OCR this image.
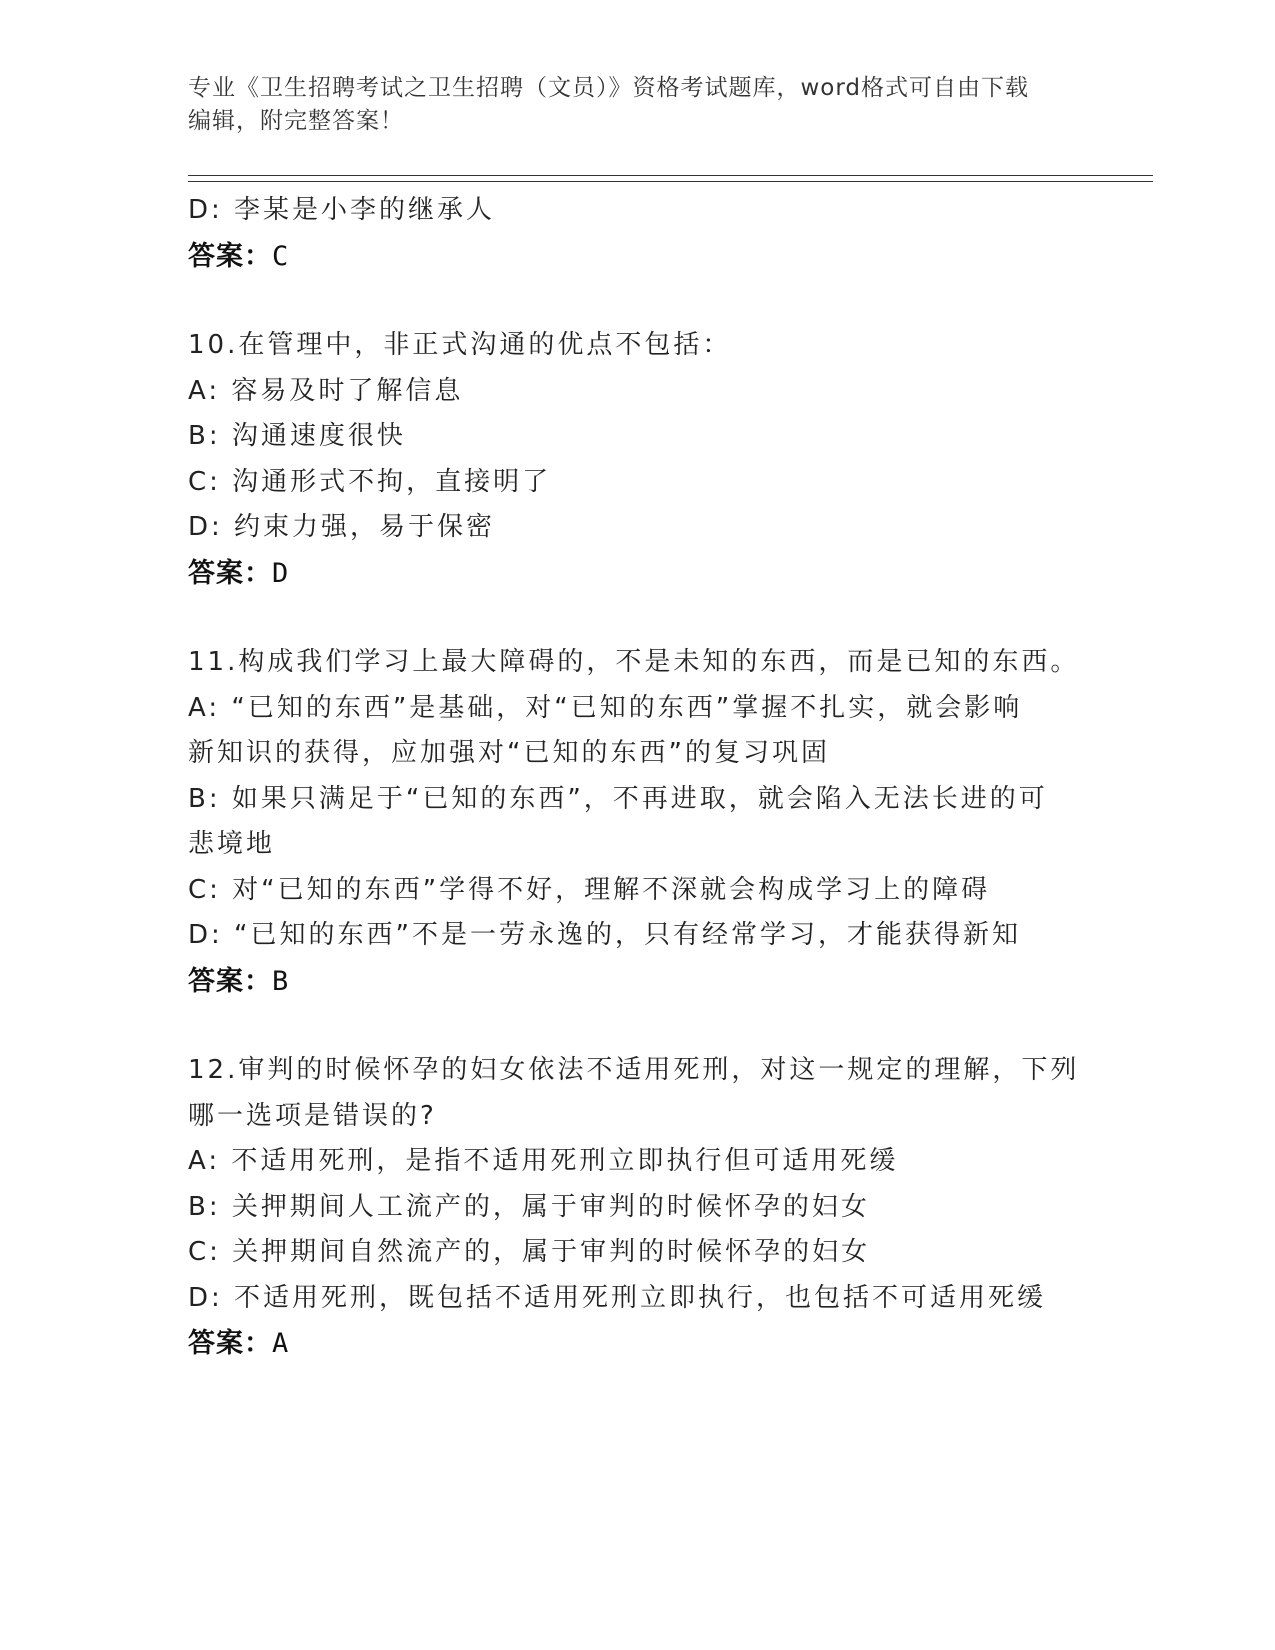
专业《卫生招聘考试之卫生招聘（文员）》资格考试题库，word格式可自由下载
编辑，附完整答案！
D: 李某是小李的继承人
答案：C
10.在管理中，非正式沟通的优点不包括：
A: 容易及时了解信息
B: 沟通速度很快
C: 沟通形式不拘，直接明了
D: 约束力强，易于保密
答案：D
11.构成我们学习上最大障碍的，不是未知的东西，而是已知的东西。
A: “已知的东西”是基础，对“已知的东西”掌握不扎实，就会影响
新知识的获得，应加强对“已知的东西”的复习巩固
B: 如果只满足于“已知的东西”，不再进取，就会陷入无法长进的可
悲境地
C: 对“已知的东西”学得不好，理解不深就会构成学习上的障碍
D: “已知的东西”不是一劳永逸的，只有经常学习，才能获得新知
答案：B
12.审判的时候怀孕的妇女依法不适用死刑，对这一规定的理解，下列
哪一选项是错误的?
A: 不适用死刑，是指不适用死刑立即执行但可适用死缓
B: 关押期间人工流产的，属于审判的时候怀孕的妇女
C: 关押期间自然流产的，属于审判的时候怀孕的妇女
D: 不适用死刑，既包括不适用死刑立即执行，也包括不可适用死缓
答案：A
